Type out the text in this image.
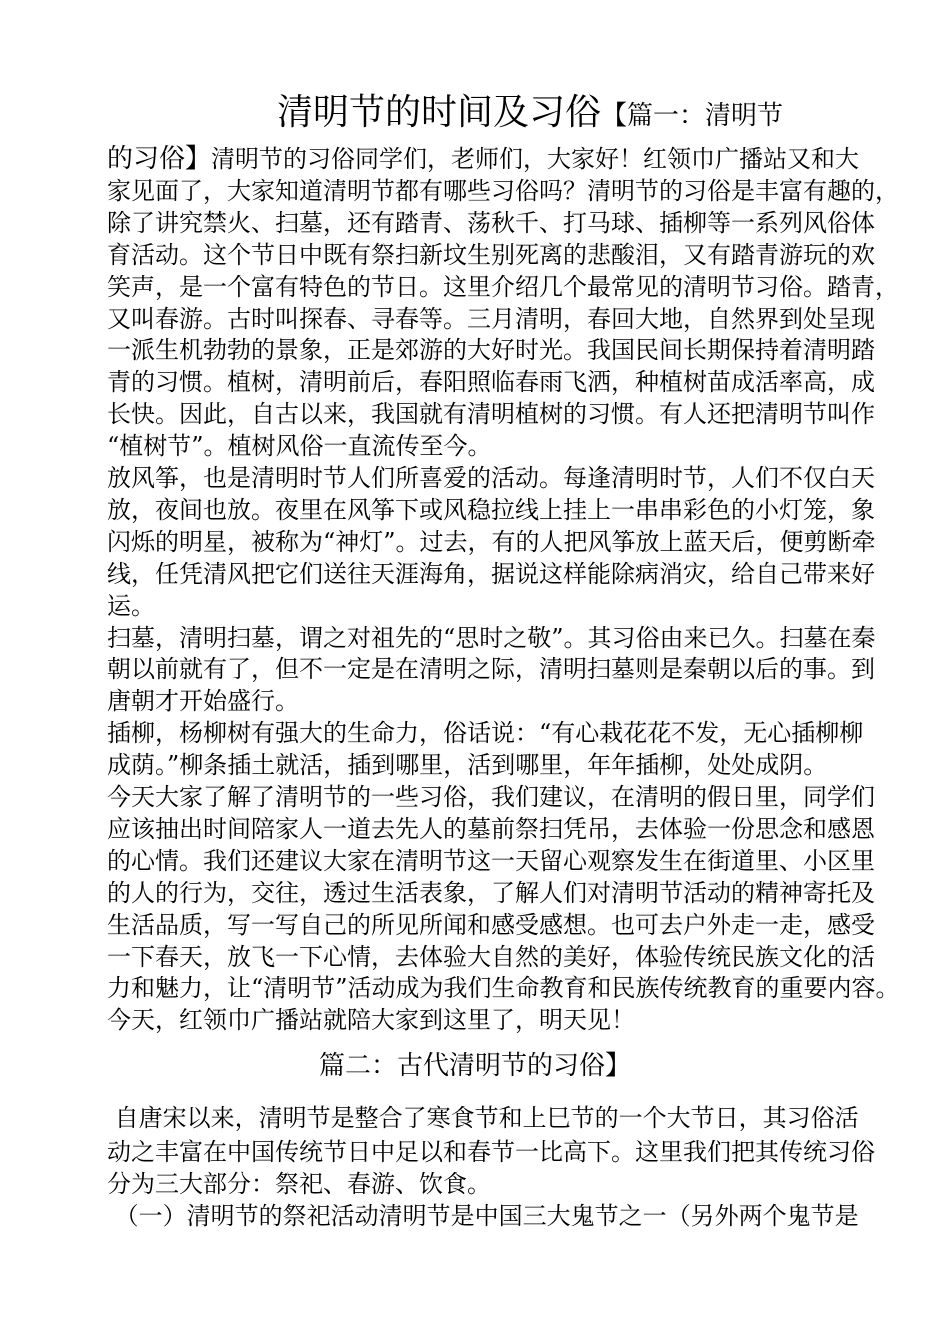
清明节的时间及习俗【篇一：清明节
的习俗】清明节的习俗同学们，老师们，大家好！红领巾广播站又和大
家见面了，大家知道清明节都有哪些习俗吗？清明节的习俗是丰富有趣的，
除了讲究禁火、扫墓，还有踏青、荡秋千、打马球、插柳等一系列风俗体
育活动。这个节日中既有祭扫新坟生别死离的悲酸泪，又有踏青游玩的欢
笑声，是一个富有特色的节日。这里介绍几个最常见的清明节习俗。踏青，
又叫春游。古时叫探春、寻春等。三月清明，春回大地，自然界到处呈现
一派生机勃勃的景象，正是郊游的大好时光。我国民间长期保持着清明踏
青的习惯。植树，清明前后，春阳照临春雨飞洒，种植树苗成活率高，成
长快。因此，自古以来，我国就有清明植树的习惯。有人还把清明节叫作
“植树节”。植树风俗一直流传至今。
放风筝，也是清明时节人们所喜爱的活动。每逢清明时节，人们不仅白天
放，夜间也放。夜里在风筝下或风稳拉线上挂上一串串彩色的小灯笼，象
闪烁的明星，被称为“神灯”。过去，有的人把风筝放上蓝天后，便剪断牵
线，任凭清风把它们送往天涯海角，据说这样能除病消灾，给自己带来好
运。
扫墓，清明扫墓，谓之对祖先的“思时之敬”。其习俗由来已久。扫墓在秦
朝以前就有了，但不一定是在清明之际，清明扫墓则是秦朝以后的事。到
唐朝才开始盛行。
插柳，杨柳树有强大的生命力，俗话说：“有心栽花花不发，无心插柳柳
成荫。”柳条插土就活，插到哪里，活到哪里，年年插柳，处处成阴。
今天大家了解了清明节的一些习俗，我们建议，在清明的假日里，同学们
应该抽出时间陪家人一道去先人的墓前祭扫凭吊，去体验一份思念和感恩
的心情。我们还建议大家在清明节这一天留心观察发生在街道里、小区里
的人的行为，交往，透过生活表象，了解人们对清明节活动的精神寄托及
生活品质，写一写自己的所见所闻和感受感想。也可去户外走一走，感受
一下春天，放飞一下心情，去体验大自然的美好，体验传统民族文化的活
力和魅力，让“清明节”活动成为我们生命教育和民族传统教育的重要内容。
今天，红领巾广播站就陪大家到这里了，明天见！
篇二：古代清明节的习俗】
自唐宋以来，清明节是整合了寒食节和上巳节的一个大节日，其习俗活
动之丰富在中国传统节日中足以和春节一比高下。这里我们把其传统习俗
分为三大部分：祭祀、春游、饮食。
（一）清明节的祭祀活动清明节是中国三大鬼节之一（另外两个鬼节是
